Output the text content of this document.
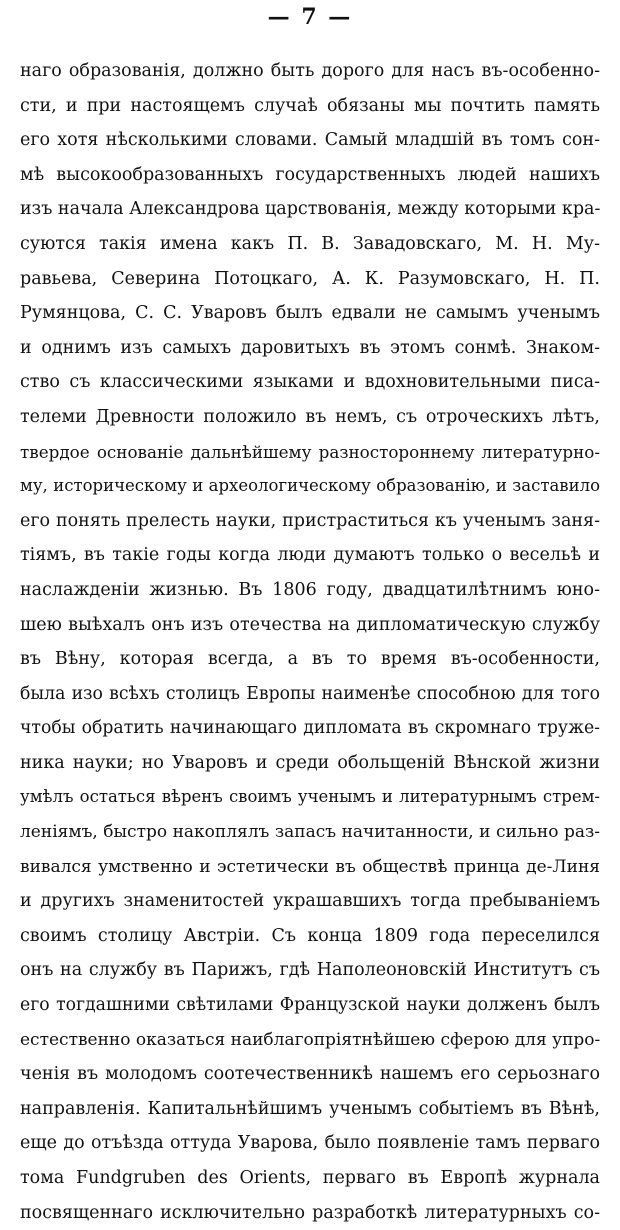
— 7 —
наго образованія, должно быть дорого для насъ въ-особенно-
сти, и при настоящемъ случаѣ обязаны мы почтить память
его хотя нѣсколькими словами. Самый младшій въ томъ сон-
мѣ высокообразованныхъ государственныхъ людей нашихъ
изъ начала Александрова царствованія, между которыми кра-
суются такія имена какъ П. В. Завадовскаго, М. Н. Му-
равьева, Северина Потоцкаго, А. К. Разумовскаго, Н. П.
Румянцова, С. С. Уваровъ былъ едвали не самымъ ученымъ
и однимъ изъ самыхъ даровитыхъ въ этомъ сонмѣ. Знаком-
ство съ классическими языками и вдохновительными писа-
телеми Древности положило въ немъ, съ отроческихъ лѣтъ,
твердое основаніе дальнѣйшему разностороннему литературно-
му, историческому и археологическому образованію, и заставило
его понять прелесть науки, пристраститься къ ученымъ заня-
тіямъ, въ такіе годы когда люди думаютъ только о весельѣ и
наслажденіи жизнью. Въ 1806 году, двадцатилѣтнимъ юно-
шею выѣхалъ онъ изъ отечества на дипломатическую службу
въ Вѣну, которая всегда, а въ то время въ-особенности,
была изо всѣхъ столицъ Европы наименѣе способною для того
чтобы обратить начинающаго дипломата въ скромнаго труже-
ника науки; но Уваровъ и среди обольщеній Вѣнской жизни
умѣлъ остаться вѣренъ своимъ ученымъ и литературнымъ стрем-
леніямъ, быстро накоплялъ запасъ начитанности, и сильно раз-
вивался умственно и эстетически въ обществѣ принца де-Линя
и другихъ знаменитостей украшавшихъ тогда пребываніемъ
своимъ столицу Австріи. Съ конца 1809 года переселился
онъ на службу въ Парижъ, гдѣ Наполеоновскій Институтъ съ
его тогдашними свѣтилами Французской науки долженъ былъ
естественно оказаться наиблагопріятнѣйшею сферою для упро-
ченія въ молодомъ соотечественникѣ нашемъ его серьознаго
направленія. Капитальнѣйшимъ ученымъ событіемъ въ Вѣнѣ,
еще до отъѣзда оттуда Уварова, было появленіе тамъ перваго
тома Fundgruben des Orients, перваго въ Европѣ журнала
посвященнаго исключительно разработкѣ литературныхъ со-
